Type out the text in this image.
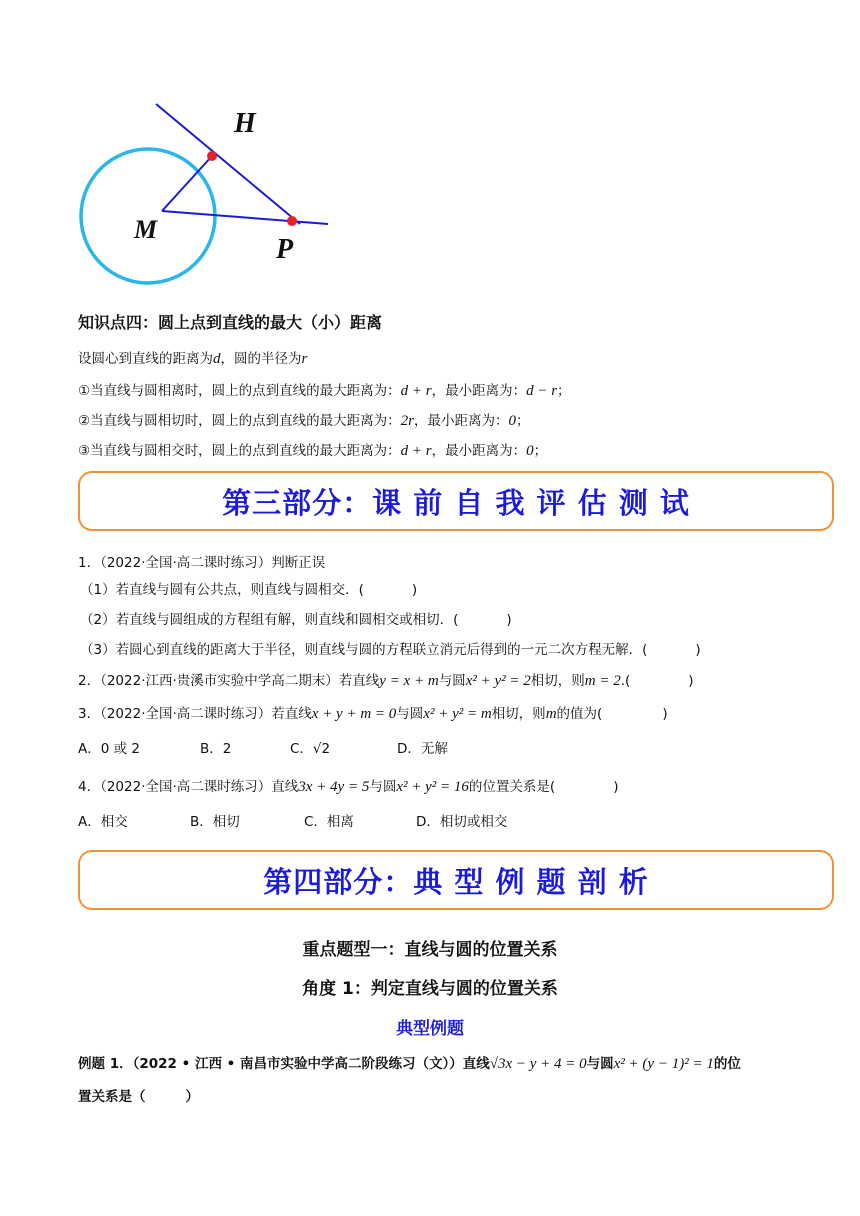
H
M
P
知识点四：圆上点到直线的最大（小）距离
设圆心到直线的距离为d，圆的半径为r
①当直线与圆相离时，圆上的点到直线的最大距离为：d + r，最小距离为：d − r；
②当直线与圆相切时，圆上的点到直线的最大距离为：2r，最小距离为：0；
③当直线与圆相交时，圆上的点到直线的最大距离为：d + r，最小距离为：0；
第三部分：课 前 自 我 评 估 测 试
1．（2022·全国·高二课时练习）判断正误
（1）若直线与圆有公共点，则直线与圆相交．(	)
（2）若直线与圆组成的方程组有解，则直线和圆相交或相切．(	)
（3）若圆心到直线的距离大于半径，则直线与圆的方程联立消元后得到的一元二次方程无解．(	)
2．（2022·江西·贵溪市实验中学高二期末）若直线y = x + m与圆x² + y² = 2相切，则m = 2.(	)
3．（2022·全国·高二课时练习）若直线x + y + m = 0与圆x² + y² = m相切，则m的值为(	)
A．0 或 2	B．2	C．√2	D．无解
4．（2022·全国·高二课时练习）直线3x + 4y = 5与圆x² + y² = 16的位置关系是(	)
A．相交	B．相切	C．相离	D．相切或相交
第四部分：典 型 例 题 剖 析
重点题型一：直线与圆的位置关系
角度 1：判定直线与圆的位置关系
典型例题
例题 1．（2022 • 江西 • 南昌市实验中学高二阶段练习（文））直线√3x − y + 4 = 0与圆x² + (y − 1)² = 1的位
置关系是（	）
